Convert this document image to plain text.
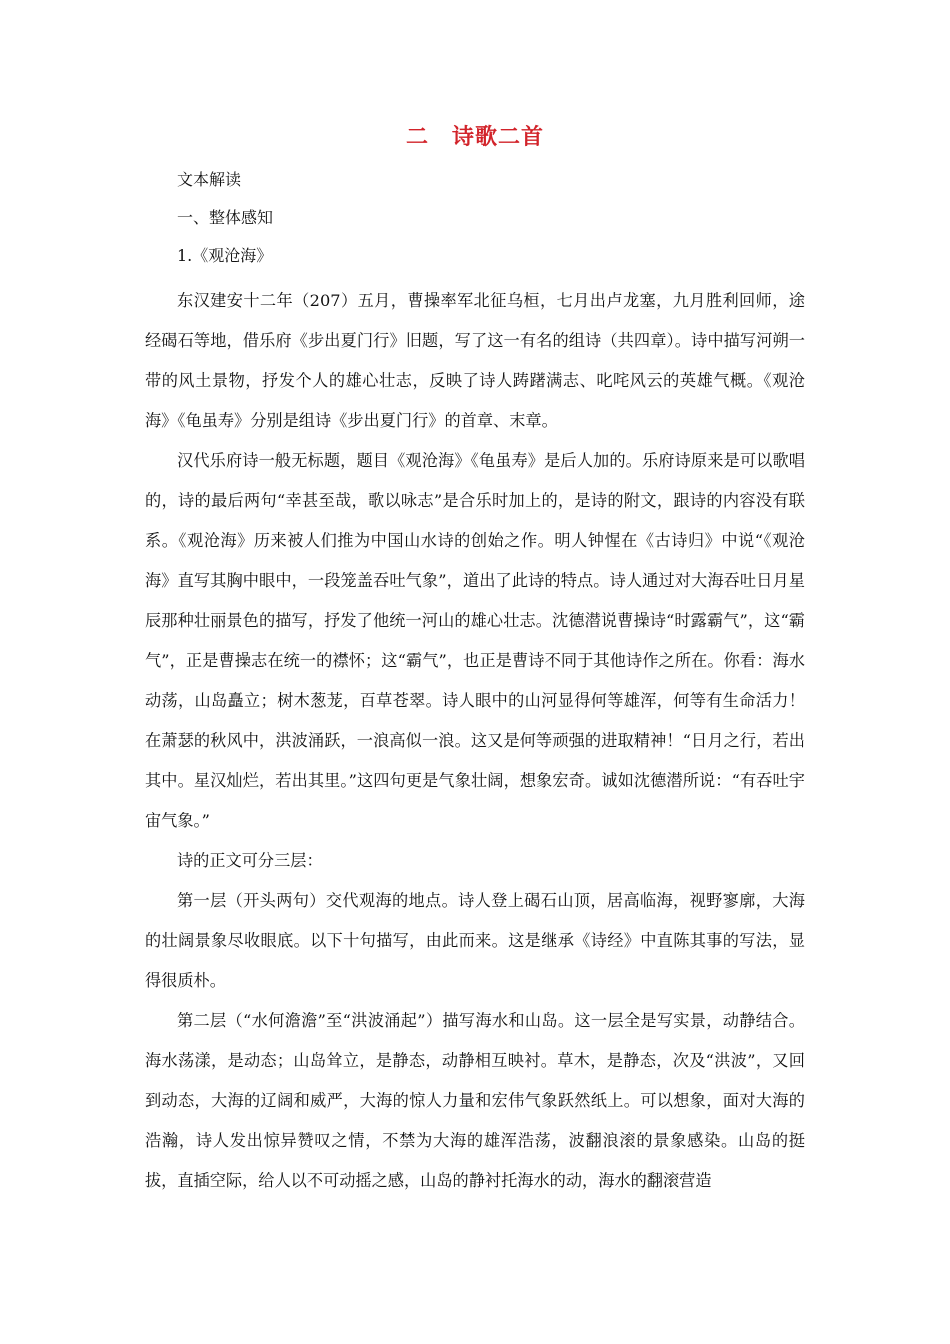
二　诗歌二首
文本解读
一、整体感知
1.《观沧海》

东汉建安十二年（207）五月，曹操率军北征乌桓，七月出卢龙塞，九月胜利回师，途经碣石等地，借乐府《步出夏门行》旧题，写了这一有名的组诗（共四章）。诗中描写河朔一带的风土景物，抒发个人的雄心壮志，反映了诗人踌躇满志、叱咤风云的英雄气概。《观沧海》《龟虽寿》分别是组诗《步出夏门行》的首章、末章。

汉代乐府诗一般无标题，题目《观沧海》《龟虽寿》是后人加的。乐府诗原来是可以歌唱的，诗的最后两句“幸甚至哉，歌以咏志”是合乐时加上的，是诗的附文，跟诗的内容没有联系。《观沧海》历来被人们推为中国山水诗的创始之作。明人钟惺在《古诗归》中说“《观沧海》直写其胸中眼中，一段笼盖吞吐气象”，道出了此诗的特点。诗人通过对大海吞吐日月星辰那种壮丽景色的描写，抒发了他统一河山的雄心壮志。沈德潜说曹操诗“时露霸气”，这“霸气”，正是曹操志在统一的襟怀；这“霸气”，也正是曹诗不同于其他诗作之所在。你看：海水动荡，山岛矗立；树木葱茏，百草苍翠。诗人眼中的山河显得何等雄浑，何等有生命活力！在萧瑟的秋风中，洪波涌跃，一浪高似一浪。这又是何等顽强的进取精神！“日月之行，若出其中。星汉灿烂，若出其里。”这四句更是气象壮阔，想象宏奇。诚如沈德潜所说：“有吞吐宇宙气象。”

诗的正文可分三层：

第一层（开头两句）交代观海的地点。诗人登上碣石山顶，居高临海，视野寥廓，大海的壮阔景象尽收眼底。以下十句描写，由此而来。这是继承《诗经》中直陈其事的写法，显得很质朴。

第二层（“水何澹澹”至“洪波涌起”）描写海水和山岛。这一层全是写实景，动静结合。海水荡漾，是动态；山岛耸立，是静态，动静相互映衬。草木，是静态，次及“洪波”，又回到动态，大海的辽阔和威严，大海的惊人力量和宏伟气象跃然纸上。可以想象，面对大海的浩瀚，诗人发出惊异赞叹之情，不禁为大海的雄浑浩荡，波翻浪滚的景象感染。山岛的挺拔，直插空际，给人以不可动摇之感，山岛的静衬托海水的动，海水的翻滚营造
